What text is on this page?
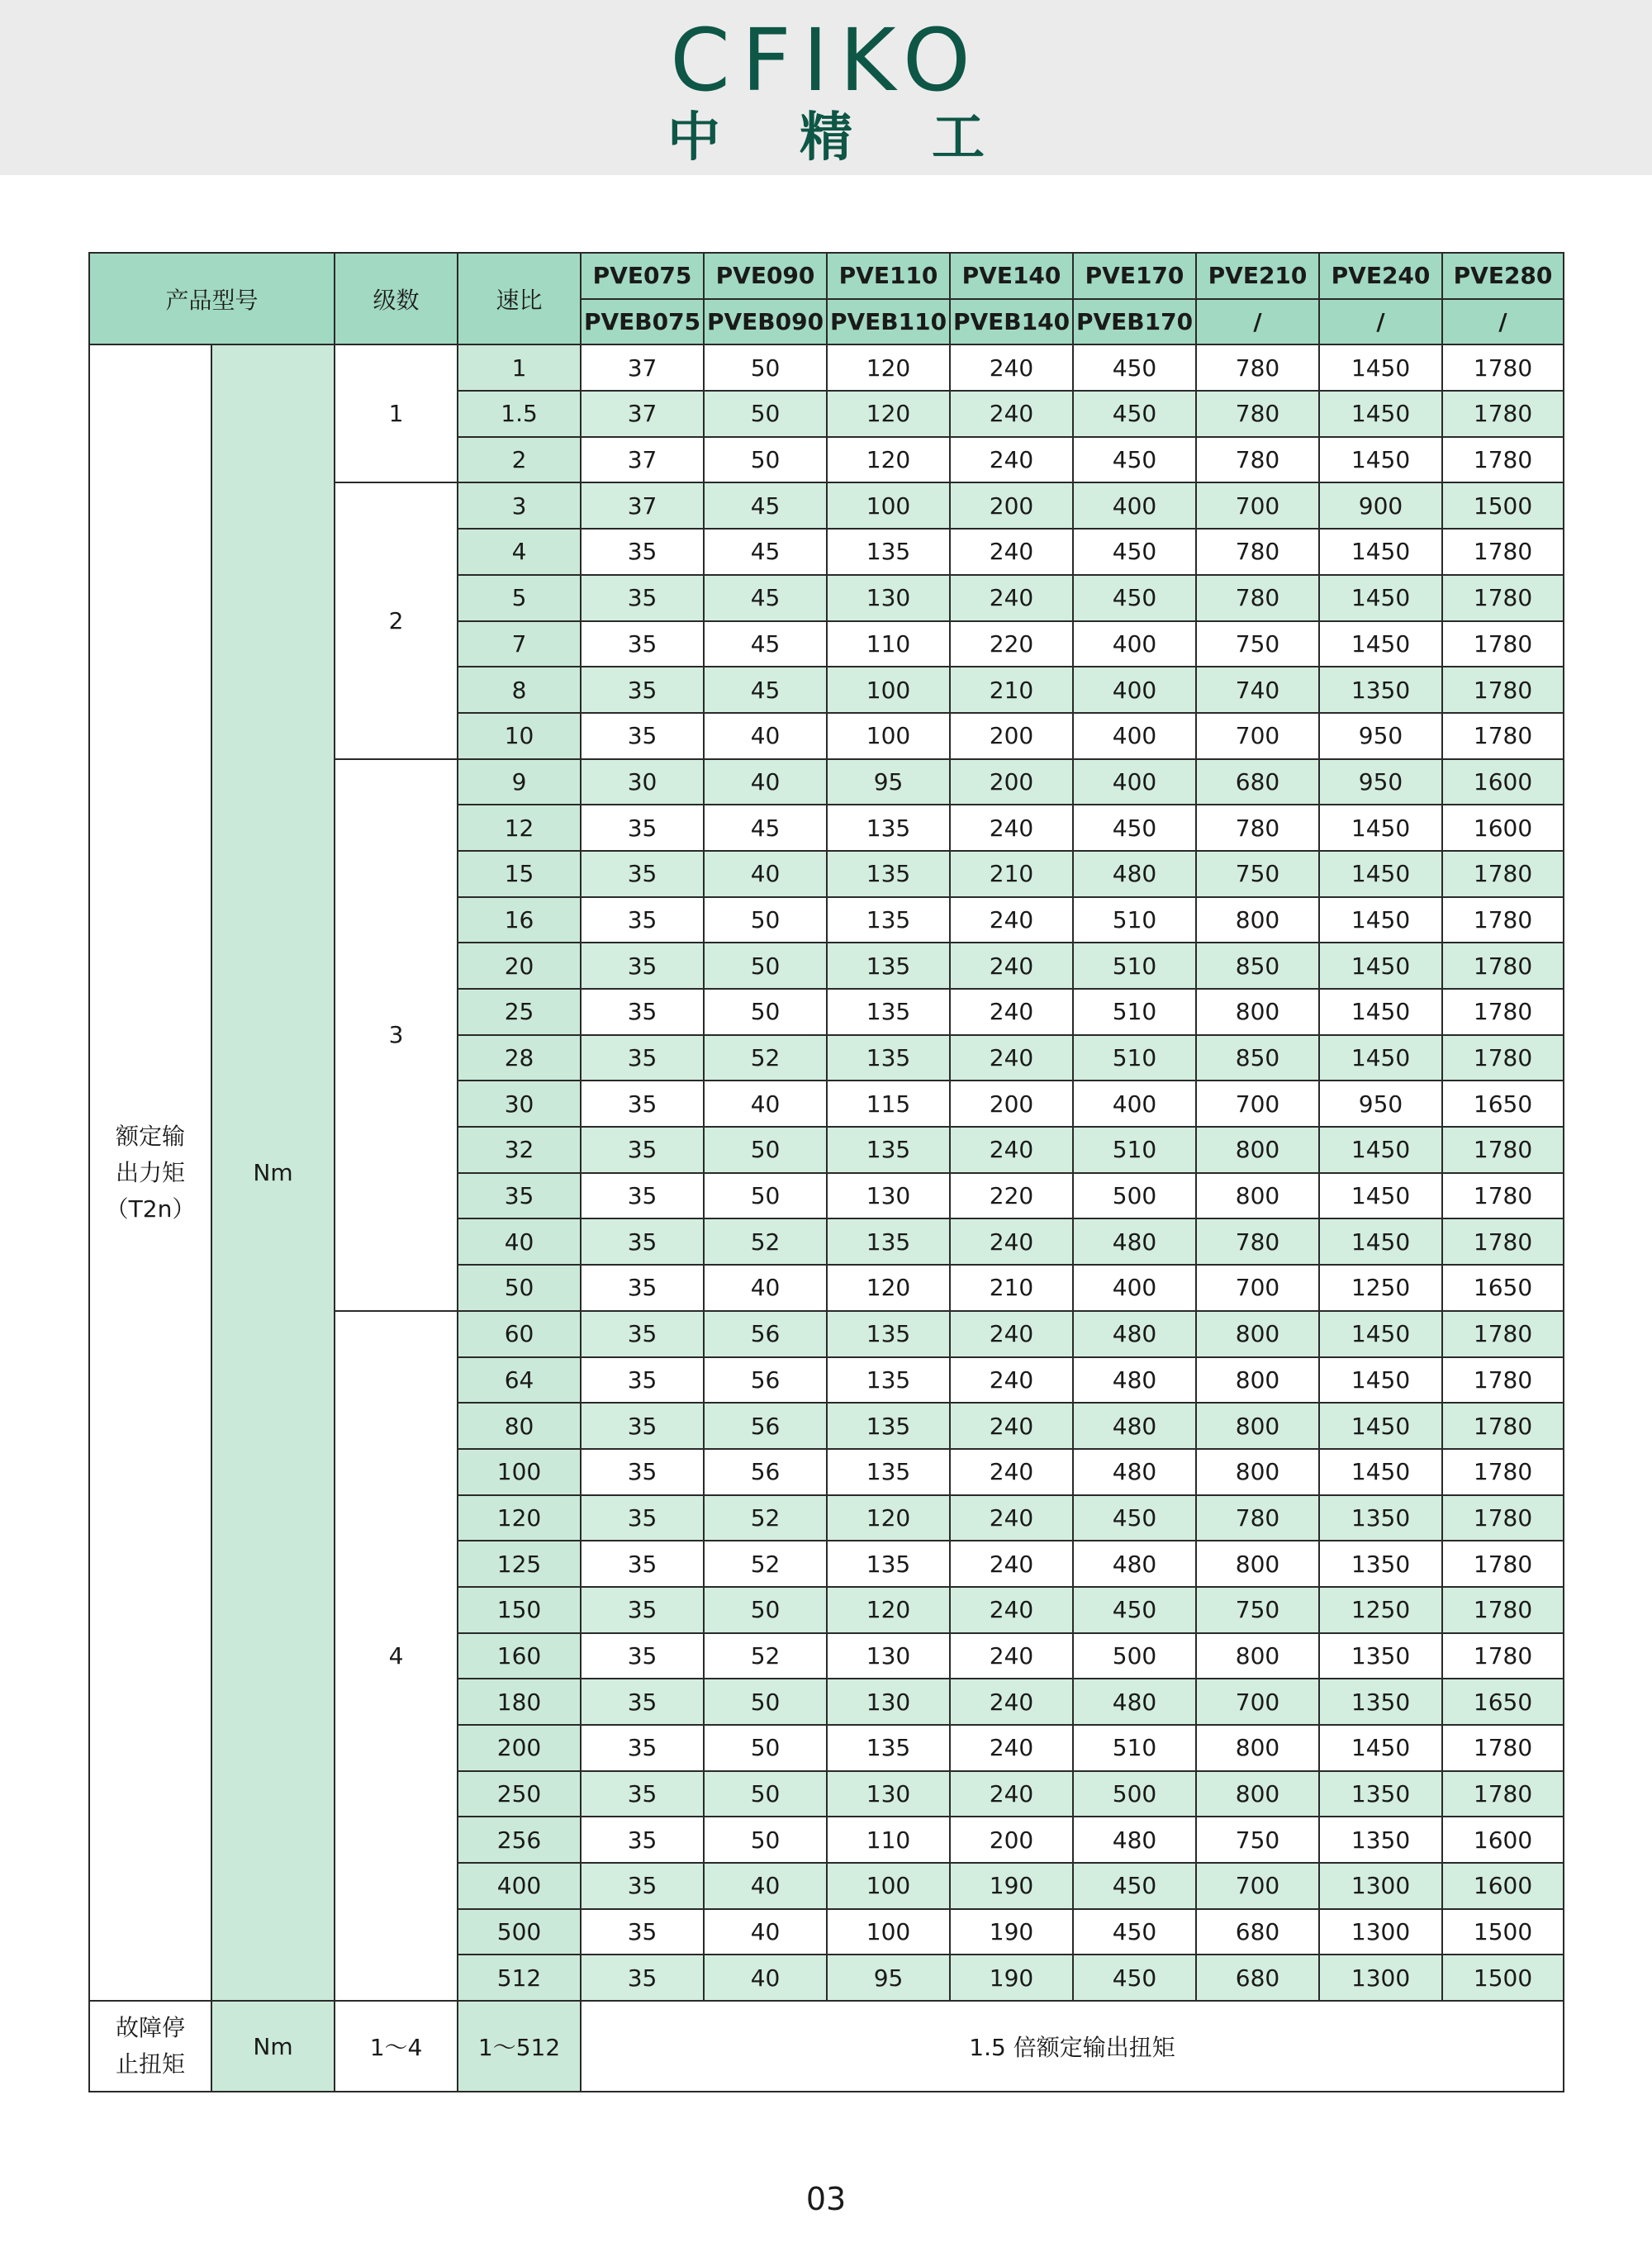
CFIKO
中 精 工
产品型号		级数	速比	PVE075	PVE090	PVE110	PVE140	PVE170	PVE210	PVE240	PVE280
				PVEB075	PVEB090	PVEB110	PVEB140	PVEB170	/	/	/

额定输
出力矩
（T2n）	Nm	1	1	37	50	120	240	450	780	1450	1780
			1.5	37	50	120	240	450	780	1450	1780
			2	37	50	120	240	450	780	1450	1780
		2	3	37	45	100	200	400	700	900	1500
			4	35	45	135	240	450	780	1450	1780
			5	35	45	130	240	450	780	1450	1780
			7	35	45	110	220	400	750	1450	1780
			8	35	45	100	210	400	740	1350	1780
			10	35	40	100	200	400	700	950	1780
		3	9	30	40	95	200	400	680	950	1600
			12	35	45	135	240	450	780	1450	1600
			15	35	40	135	210	480	750	1450	1780
			16	35	50	135	240	510	800	1450	1780
			20	35	50	135	240	510	850	1450	1780
			25	35	50	135	240	510	800	1450	1780
			28	35	52	135	240	510	850	1450	1780
			30	35	40	115	200	400	700	950	1650
			32	35	50	135	240	510	800	1450	1780
			35	35	50	130	220	500	800	1450	1780
			40	35	52	135	240	480	780	1450	1780
			50	35	40	120	210	400	700	1250	1650
		4	60	35	56	135	240	480	800	1450	1780
			64	35	56	135	240	480	800	1450	1780
			80	35	56	135	240	480	800	1450	1780
			100	35	56	135	240	480	800	1450	1780
			120	35	52	120	240	450	780	1350	1780
			125	35	52	135	240	480	800	1350	1780
			150	35	50	120	240	450	750	1250	1780
			160	35	52	130	240	500	800	1350	1780
			180	35	50	130	240	480	700	1350	1650
			200	35	50	135	240	510	800	1450	1780
			250	35	50	130	240	500	800	1350	1780
			256	35	50	110	200	480	750	1350	1600
			400	35	40	100	190	450	700	1300	1600
			500	35	40	100	190	450	680	1300	1500
			512	35	40	95	190	450	680	1300	1500

故障停
止扭矩	Nm	1～4	1～512	1.5 倍额定输出扭矩							
03
